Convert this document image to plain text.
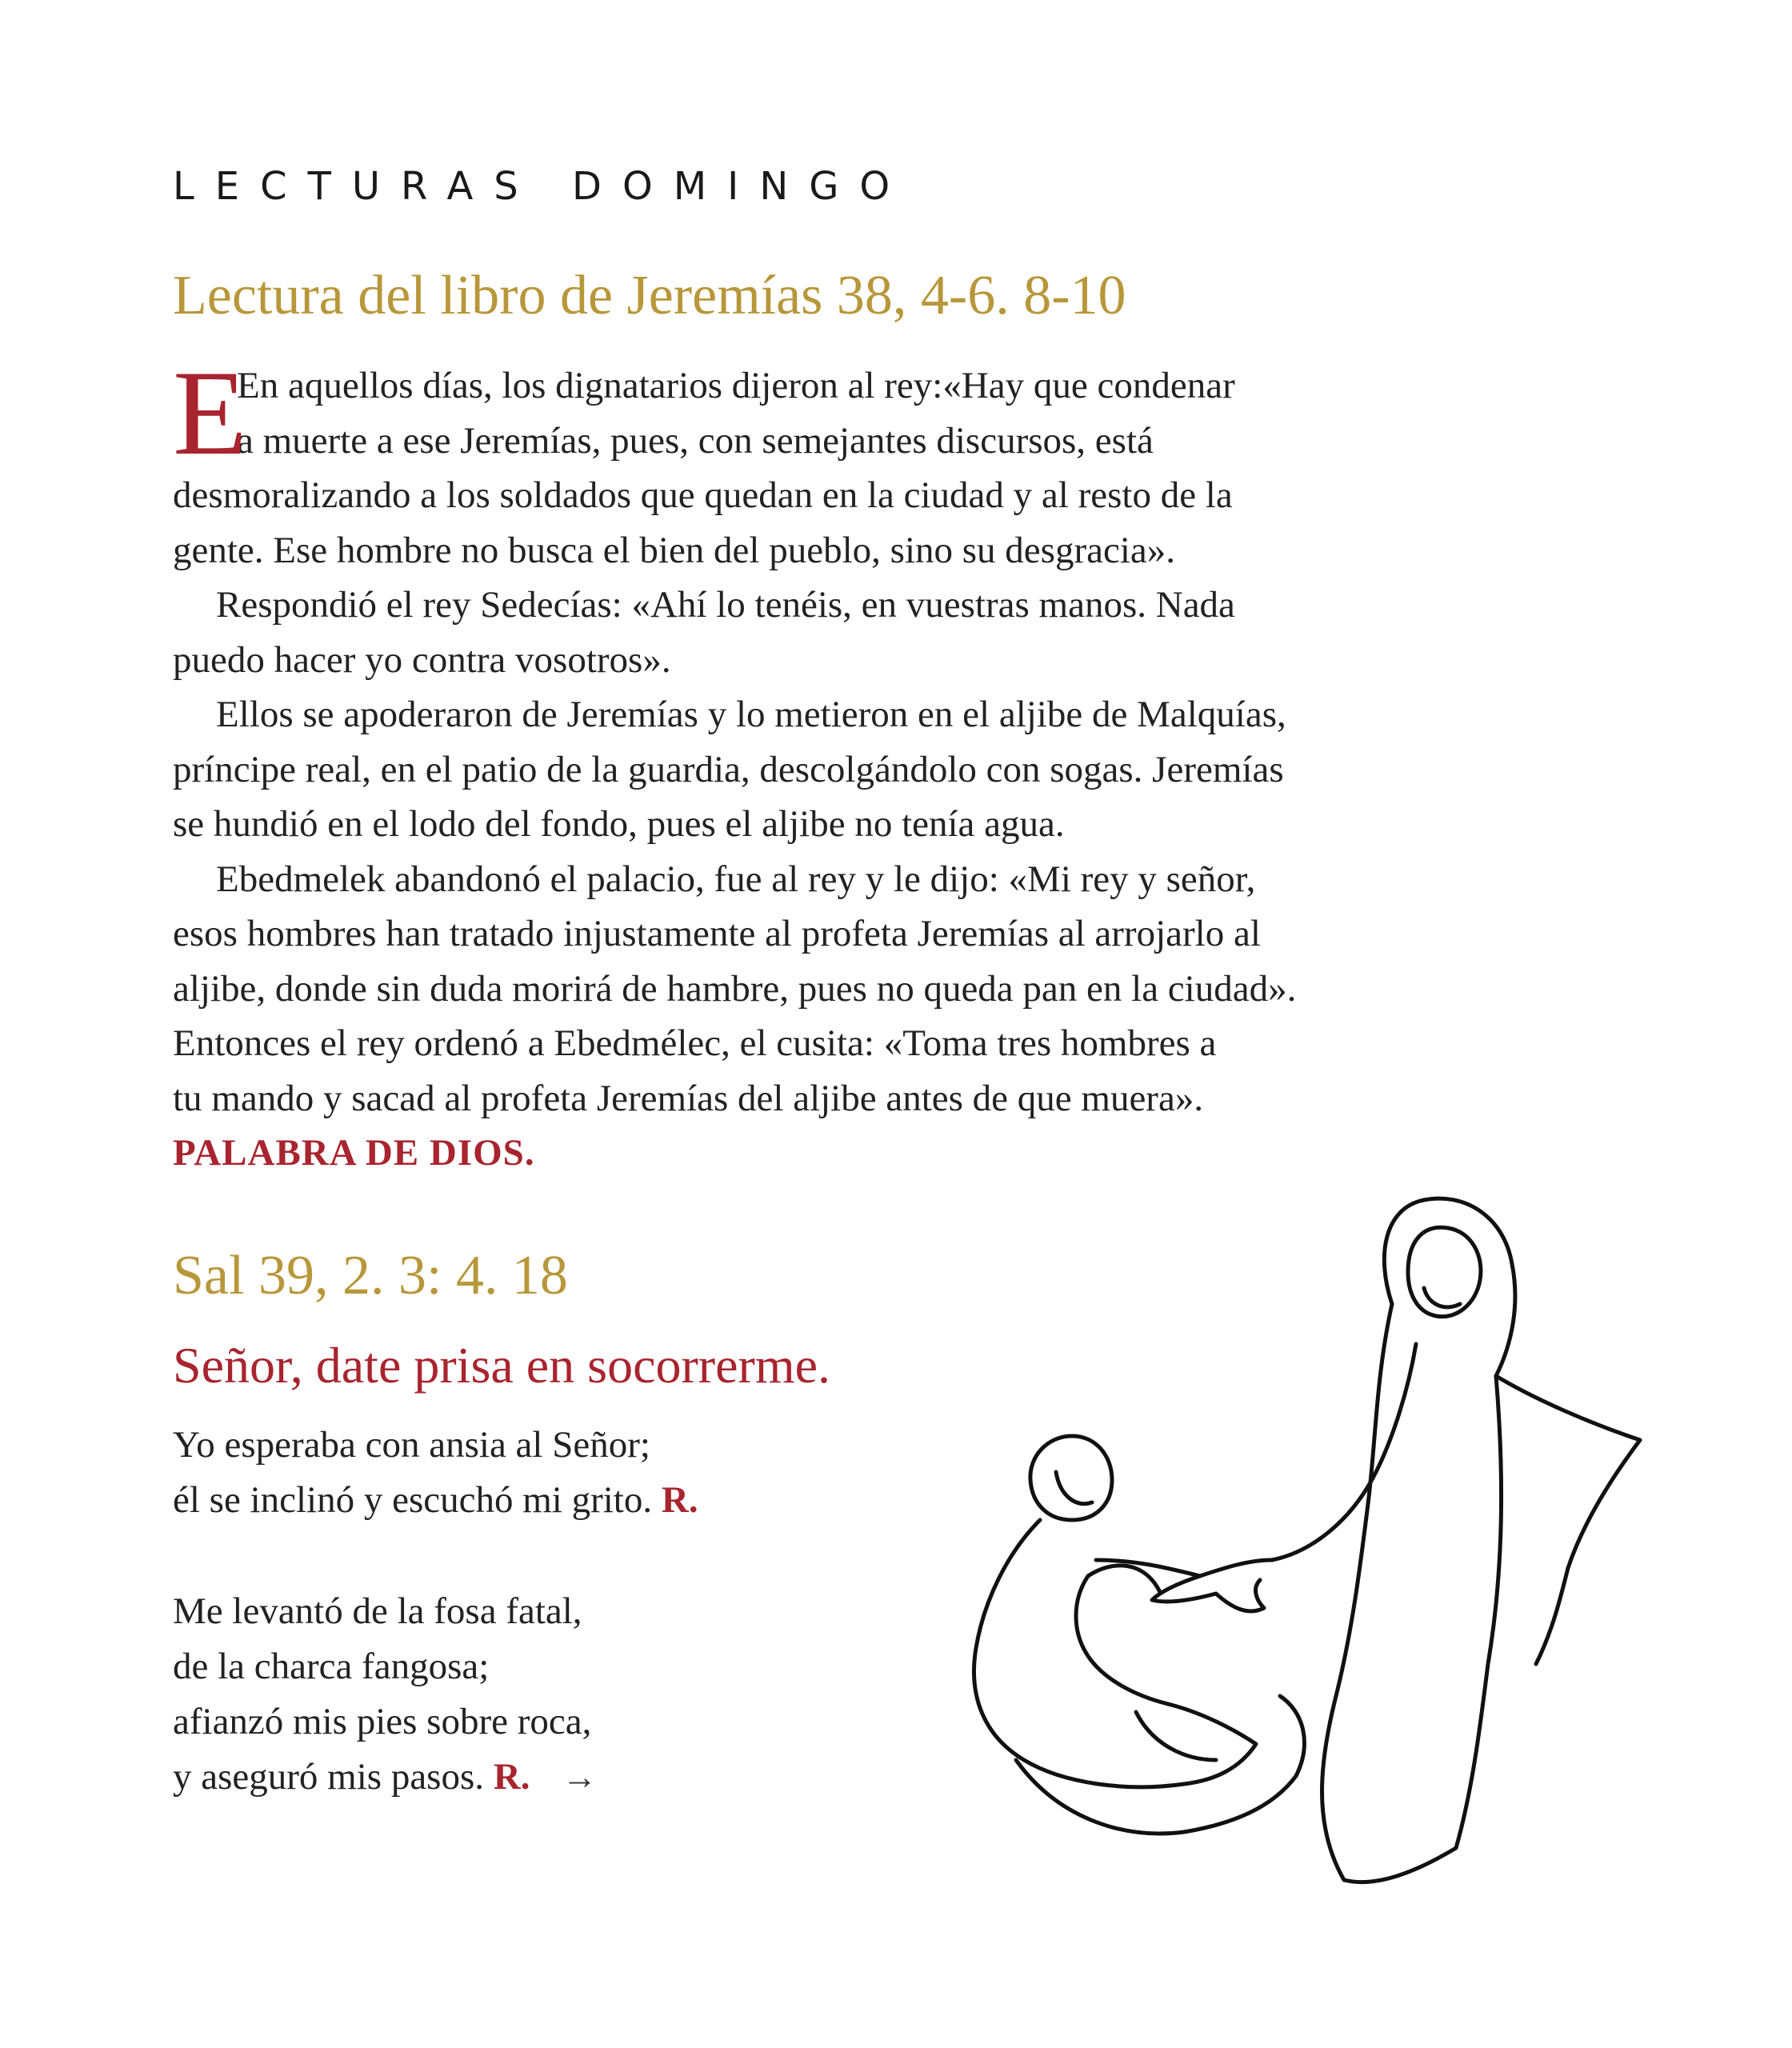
LECTURAS DOMINGO
Lectura del libro de Jeremías 38, 4-6. 8-10
E
En aquellos días, los dignatarios dijeron al rey:«Hay que condenar
a muerte a ese Jeremías, pues, con semejantes discursos, está
desmoralizando a los soldados que quedan en la ciudad y al resto de la
gente. Ese hombre no busca el bien del pueblo, sino su desgracia».
Respondió el rey Sedecías: «Ahí lo tenéis, en vuestras manos. Nada
puedo hacer yo contra vosotros».
Ellos se apoderaron de Jeremías y lo metieron en el aljibe de Malquías,
príncipe real, en el patio de la guardia, descolgándolo con sogas. Jeremías
se hundió en el lodo del fondo, pues el aljibe no tenía agua.
Ebedmelek abandonó el palacio, fue al rey y le dijo: «Mi rey y señor,
esos hombres han tratado injustamente al profeta Jeremías al arrojarlo al
aljibe, donde sin duda morirá de hambre, pues no queda pan en la ciudad».
Entonces el rey ordenó a Ebedmélec, el cusita: «Toma tres hombres a
tu mando y sacad al profeta Jeremías del aljibe antes de que muera».
PALABRA DE DIOS.
Sal 39, 2. 3: 4. 18
Señor, date prisa en socorrerme.
Yo esperaba con ansia al Señor;
él se inclinó y escuchó mi grito. R.
Me levantó de la fosa fatal,
de la charca fangosa;
afianzó mis pies sobre roca,
y aseguró mis pasos. R. →
